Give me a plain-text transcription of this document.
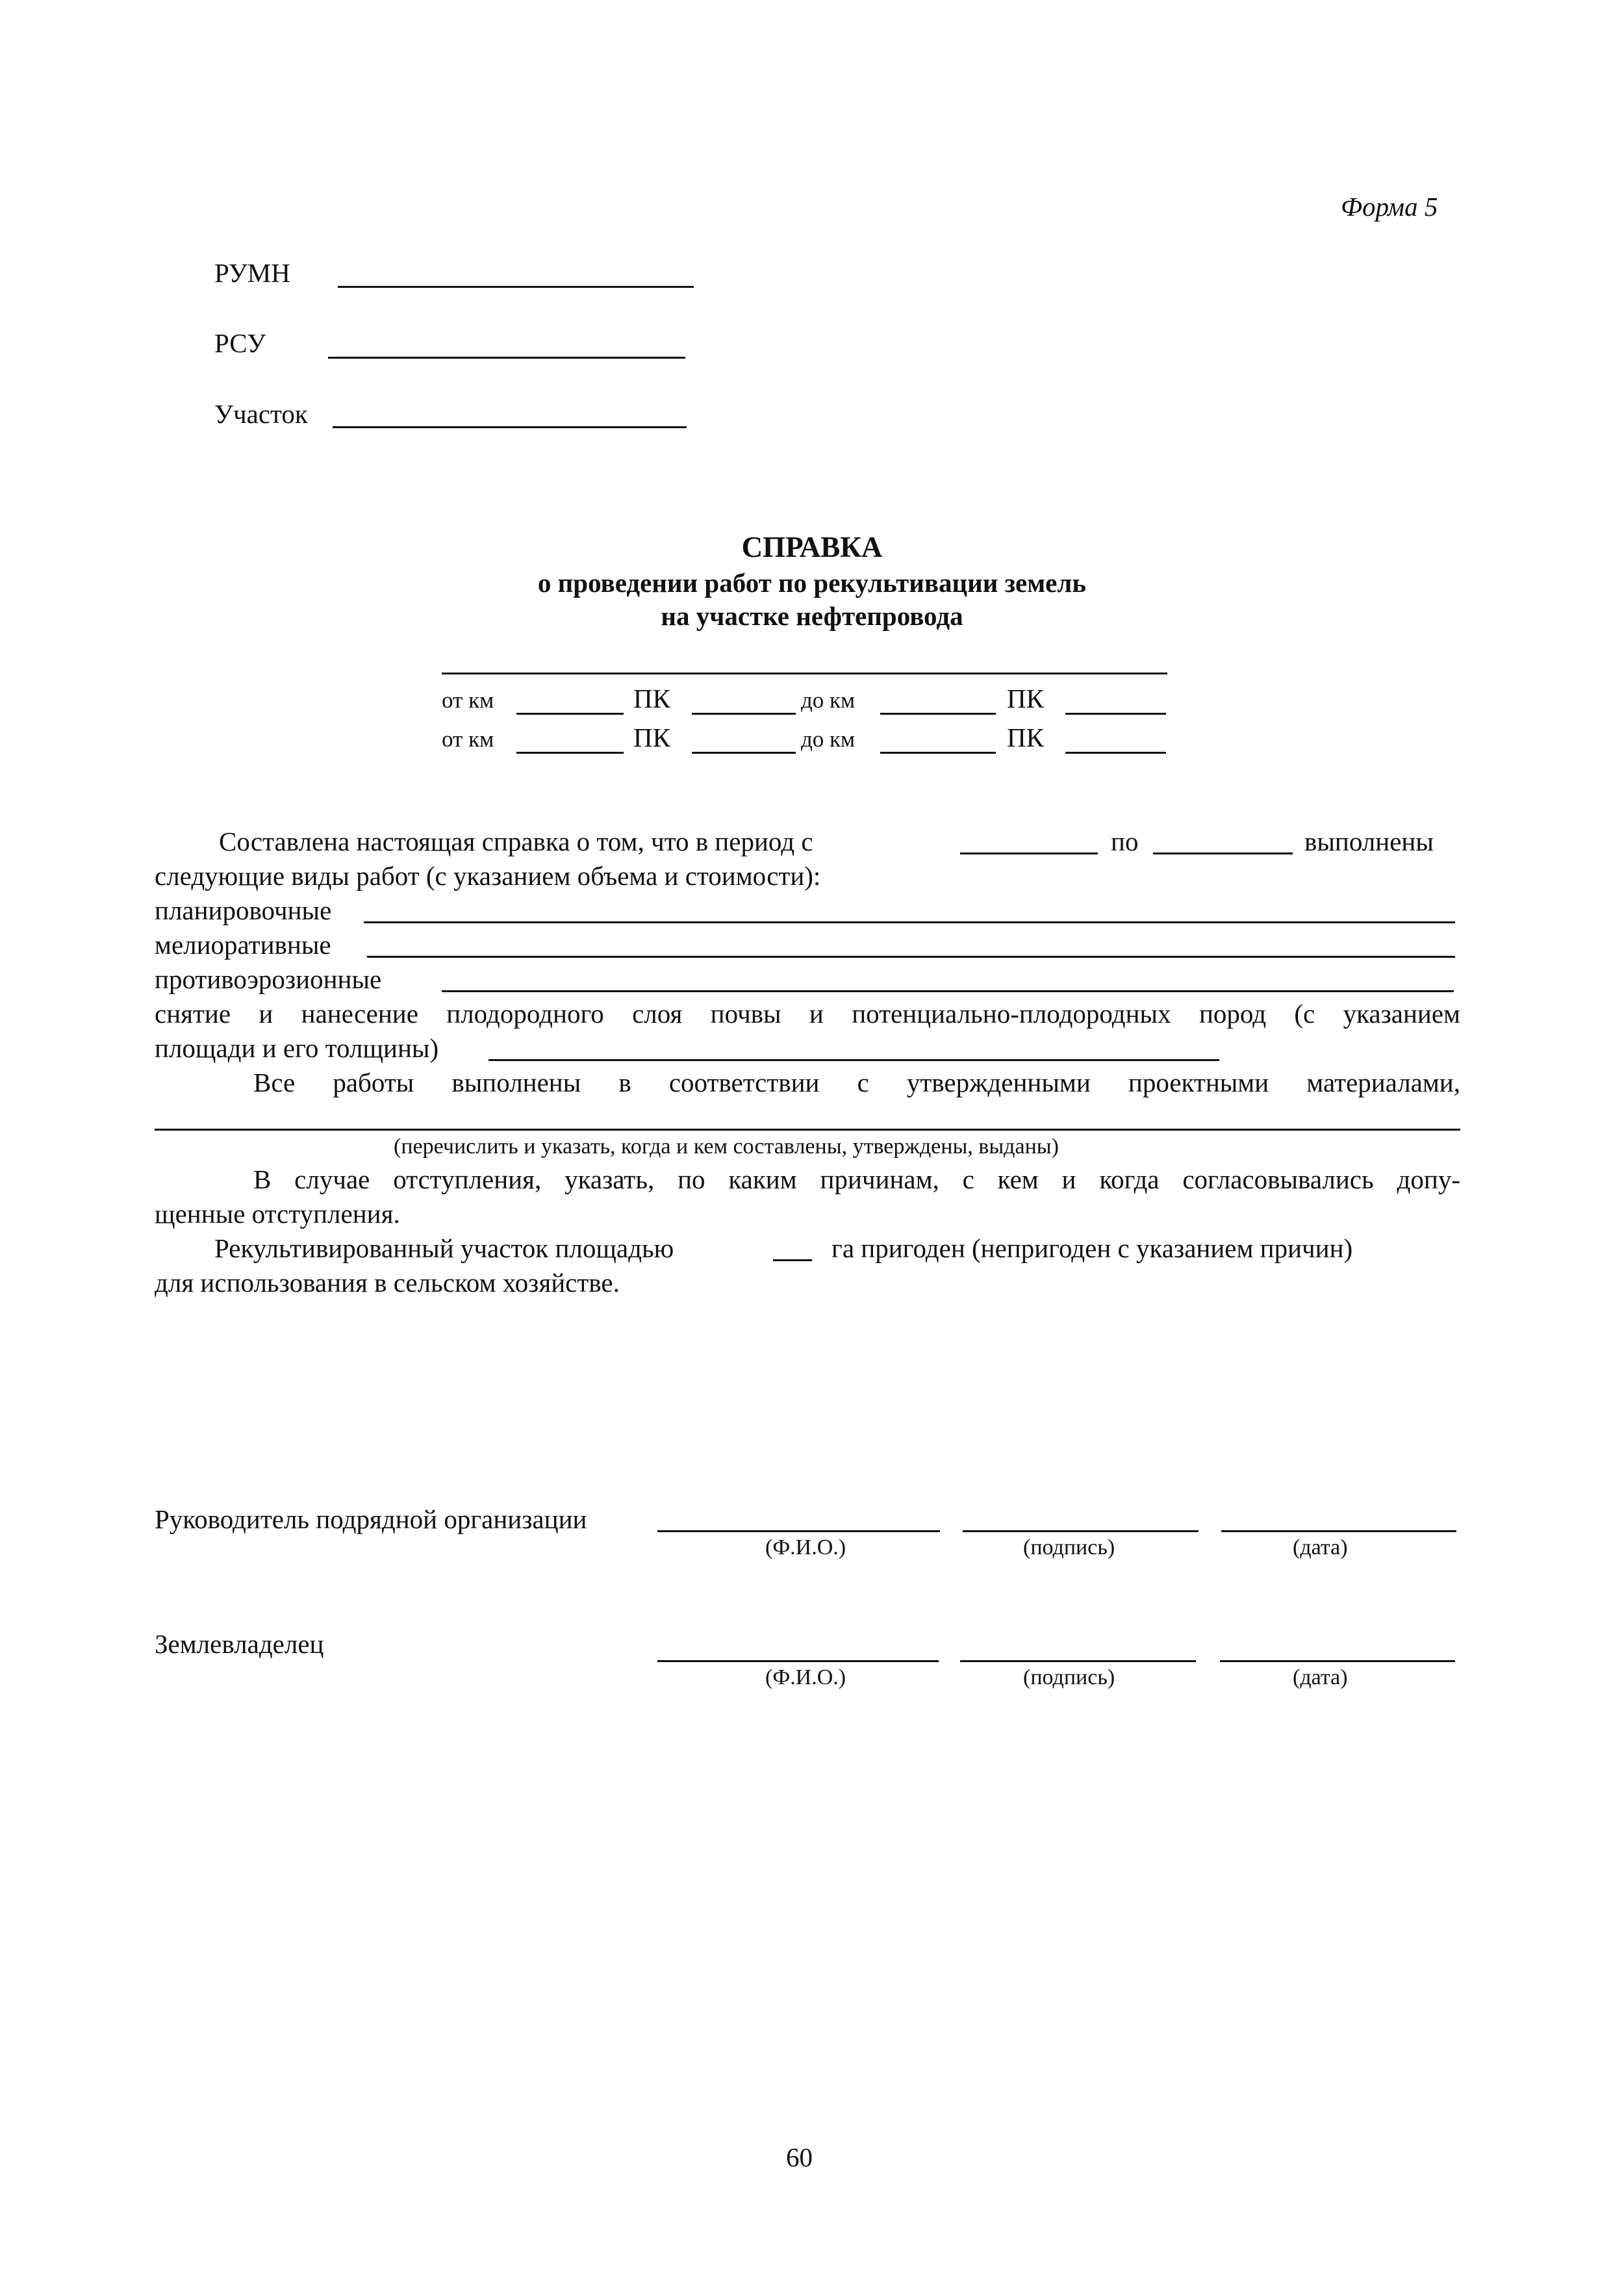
Форма 5
РУМН
РСУ
Участок
СПРАВКА
о проведении работ по рекультивации земель
на участке нефтепровода
от км	ПК	до км	ПК
от км	ПК	до км	ПК
Составлена настоящая справка о том, что в период с	по	выполнены
следующие виды работ (с указанием объема и стоимости):
планировочные
мелиоративные
противоэрозионные
снятие и нанесение плодородного слоя почвы и потенциально-плодородных пород (с указанием
площади и его толщины)
Все работы выполнены в соответствии с утвержденными проектными материалами,
(перечислить и указать, когда и кем составлены, утверждены, выданы)
В случае отступления, указать, по каким причинам, с кем и когда согласовывались допу-
щенные отступления.
Рекультивированный участок площадью	га пригоден (непригоден с указанием причин)
для использования в сельском хозяйстве.
Руководитель подрядной организации
(Ф.И.О.)	(подпись)	(дата)
Землевладелец
(Ф.И.О.)	(подпись)	(дата)
60
